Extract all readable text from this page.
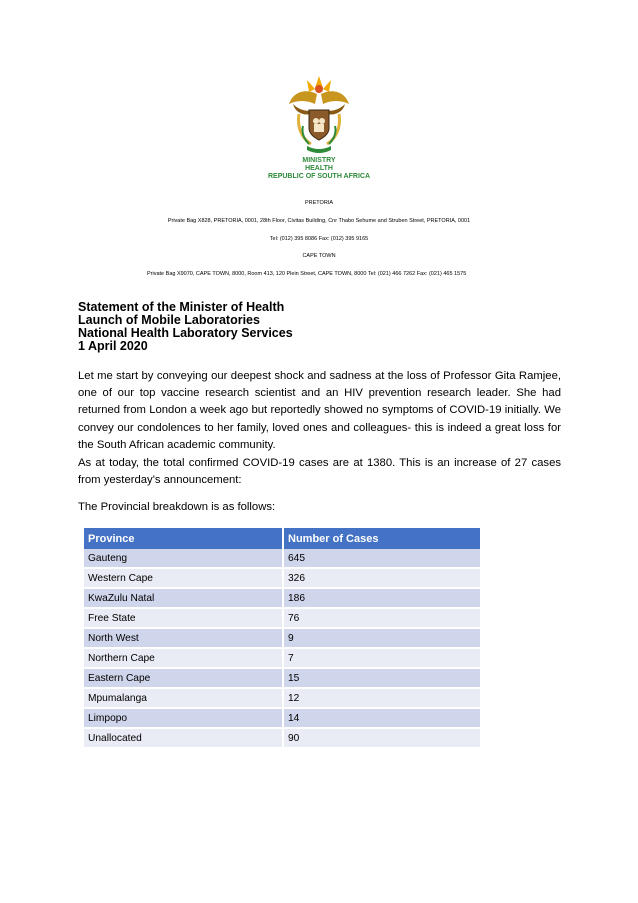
MINISTRY
HEALTH
REPUBLIC OF SOUTH AFRICA
PRETORIA
Private Bag X828, PRETORIA, 0001, 28th Floor, Civitas Building, Cnr Thabo Sehume and Struben Street, PRETORIA, 0001
Tel: (012) 395 8086 Fax: (012) 395 9165
CAPE TOWN
Private Bag X9070, CAPE TOWN, 8000, Room 413, 120 Plein Street, CAPE TOWN, 8000 Tel: (021) 466 7262 Fax: (021) 465 1575
Statement of the Minister of Health
Launch of Mobile Laboratories
National Health Laboratory Services
1 April 2020
Let me start by conveying our deepest shock and sadness at the loss of Professor Gita Ramjee, one of our top vaccine research scientist and an HIV prevention research leader. She had returned from London a week ago but reportedly showed no symptoms of COVID-19 initially. We convey our condolences to her family, loved ones and colleagues- this is indeed a great loss for the South African academic community.
As at today, the total confirmed COVID-19 cases are at 1380. This is an increase of 27 cases from yesterday's announcement:
The Provincial breakdown is as follows:
Province	Number of Cases
Gauteng	645
Western Cape	326
KwaZulu Natal	186
Free State	76
North West	9
Northern Cape	7
Eastern Cape	15
Mpumalanga	12
Limpopo	14
Unallocated	90
